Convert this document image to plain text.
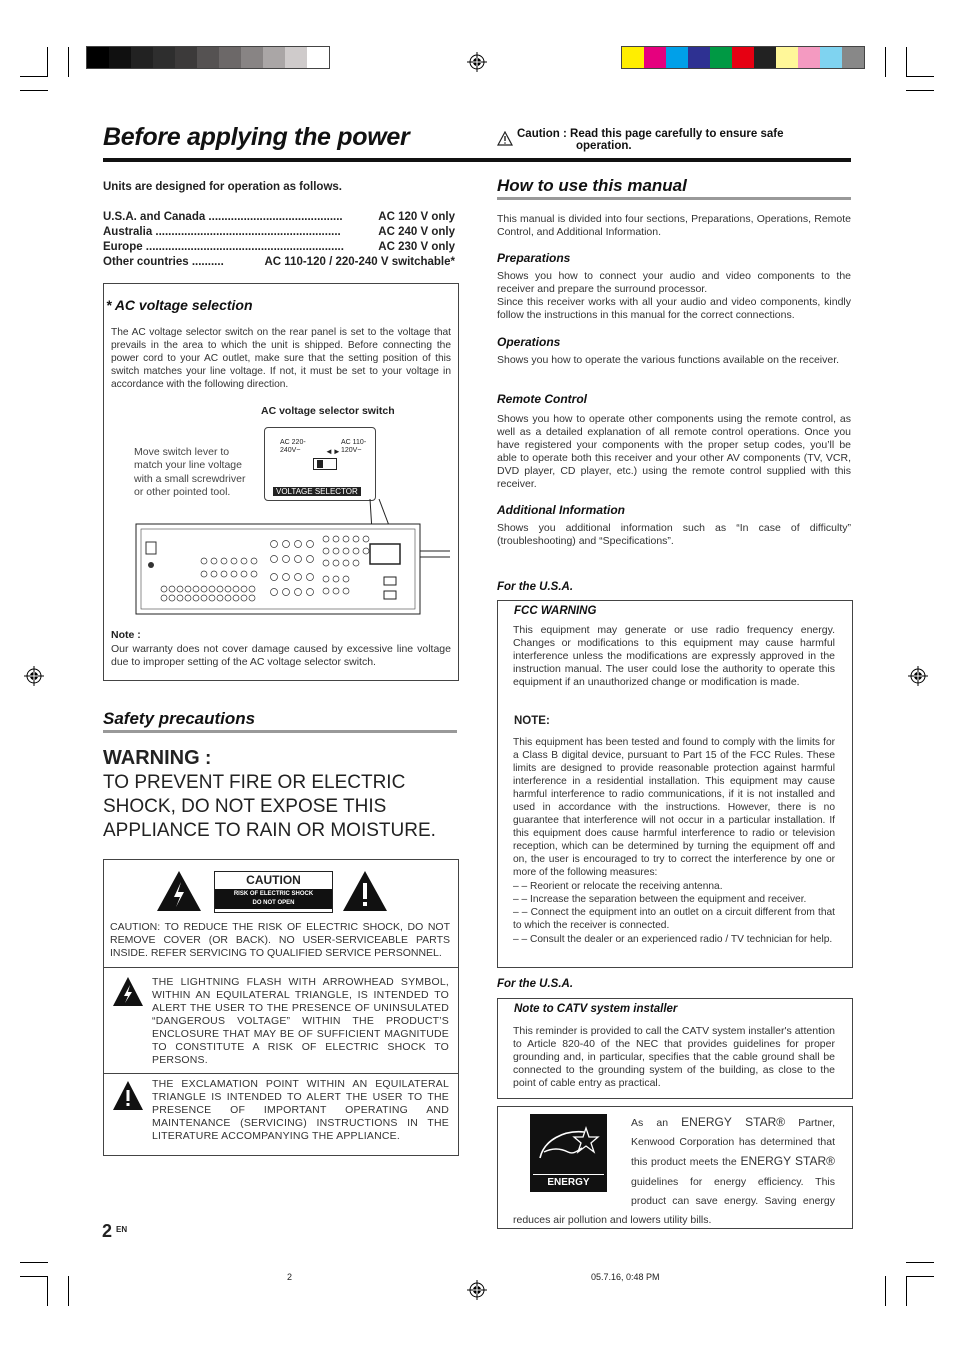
Before applying the power	Caution : Read this page carefully to ensure safe
operation.
Units are designed for operation as follows.
U.S.A. and Canada ..........................................	AC 120 V only
Australia ..........................................................	AC 240 V only
Europe ..............................................................	AC 230 V only
Other countries ..........	AC 110-120 / 220-240 V switchable*
* AC voltage selection
The AC voltage selector switch on the rear panel is set to the voltage that prevails in the area to which the unit is shipped. Before connecting the power cord to your AC outlet, make sure that the setting position of this switch matches your line voltage. If not, it must be set to your voltage in accordance with the following direction.
AC voltage selector switch
Move switch lever to match your line voltage with a small screwdriver or other pointed tool.
AC 220-240V~
AC 110-120V~
◄►
VOLTAGE SELECTOR
Note :
Our warranty does not cover damage caused by excessive line voltage due to improper setting of the AC voltage selector switch.
Safety precautions
WARNING :
TO PREVENT FIRE OR ELECTRIC SHOCK, DO NOT EXPOSE THIS APPLIANCE TO RAIN OR MOISTURE.
CAUTION
RISK OF ELECTRIC SHOCK
DO NOT OPEN
CAUTION: TO REDUCE THE RISK OF ELECTRIC SHOCK, DO NOT REMOVE COVER (OR BACK). NO USER-SERVICEABLE PARTS INSIDE. REFER SERVICING TO QUALIFIED SERVICE PERSONNEL.
THE LIGHTNING FLASH WITH ARROWHEAD SYMBOL, WITHIN AN EQUILATERAL TRIANGLE, IS INTENDED TO ALERT THE USER TO THE PRESENCE OF UNINSULATED “DANGEROUS VOLTAGE” WITHIN THE PRODUCT’S ENCLOSURE THAT MAY BE OF SUFFICIENT MAGNITUDE TO CONSTITUTE A RISK OF ELECTRIC SHOCK TO PERSONS.
THE EXCLAMATION POINT WITHIN AN EQUILATERAL TRIANGLE IS INTENDED TO ALERT THE USER TO THE PRESENCE OF IMPORTANT OPERATING AND MAINTENANCE (SERVICING) INSTRUCTIONS IN THE LITERATURE ACCOMPANYING THE APPLIANCE.
How to use this manual
This manual is divided into four sections, Preparations, Operations, Remote Control, and Additional Information.
Preparations
Shows you how to connect your audio and video components to the receiver and prepare the surround processor.
Since this receiver works with all your audio and video components, kindly follow the instructions in this manual for the correct connections.
Operations
Shows you how to operate the various functions available on the receiver.
Remote Control
Shows you how to operate other components using the remote control, as well as a detailed explanation of all remote control operations. Once you have registered your components with the proper setup codes, you’ll be able to operate both this receiver and your other AV components (TV, VCR, DVD player, CD player, etc.) using the remote control supplied with this receiver.
Additional Information
Shows you additional information such as “In case of difficulty” (troubleshooting) and “Specifications”.
For the U.S.A.
FCC WARNING
This equipment may generate or use radio frequency energy. Changes or modifications to this equipment may cause harmful interference unless the modifications are expressly approved in the instruction manual. The user could lose the authority to operate this equipment if an unauthorized change or modification is made.
NOTE:
This equipment has been tested and found to comply with the limits for a Class B digital device, pursuant to Part 15 of the FCC Rules. These limits are designed to provide reasonable protection against harmful interference in a residential installation. This equipment may cause harmful interference to radio communications, if it is not installed and used in accordance with the instructions. However, there is no guarantee that interference will not occur in a particular installation. If this equipment does cause harmful interference to radio or television reception, which can be determined by turning the equipment off and on, the user is encouraged to try to correct the interference by one or more of the following measures:
– – Reorient or relocate the receiving antenna.
– – Increase the separation between the equipment and receiver.
– – Connect the equipment into an outlet on a circuit different from that to which the receiver is connected.
– – Consult the dealer or an experienced radio / TV technician for help.
For the U.S.A.
Note to CATV system installer
This reminder is provided to call the CATV system installer's attention to Article 820-40 of the NEC that provides guidelines for proper grounding and, in particular, specifies that the cable ground shall be connected to the grounding system of the building, as close to the point of cable entry as practical.
ENERGY STAR
As an ENERGY STAR® Partner, Kenwood Corporation has determined that this product meets the ENERGY STAR® guidelines for energy efficiency. This product can save energy. Saving energy reduces air pollution and lowers utility bills.
2 EN
2	05.7.16, 0:48 PM
